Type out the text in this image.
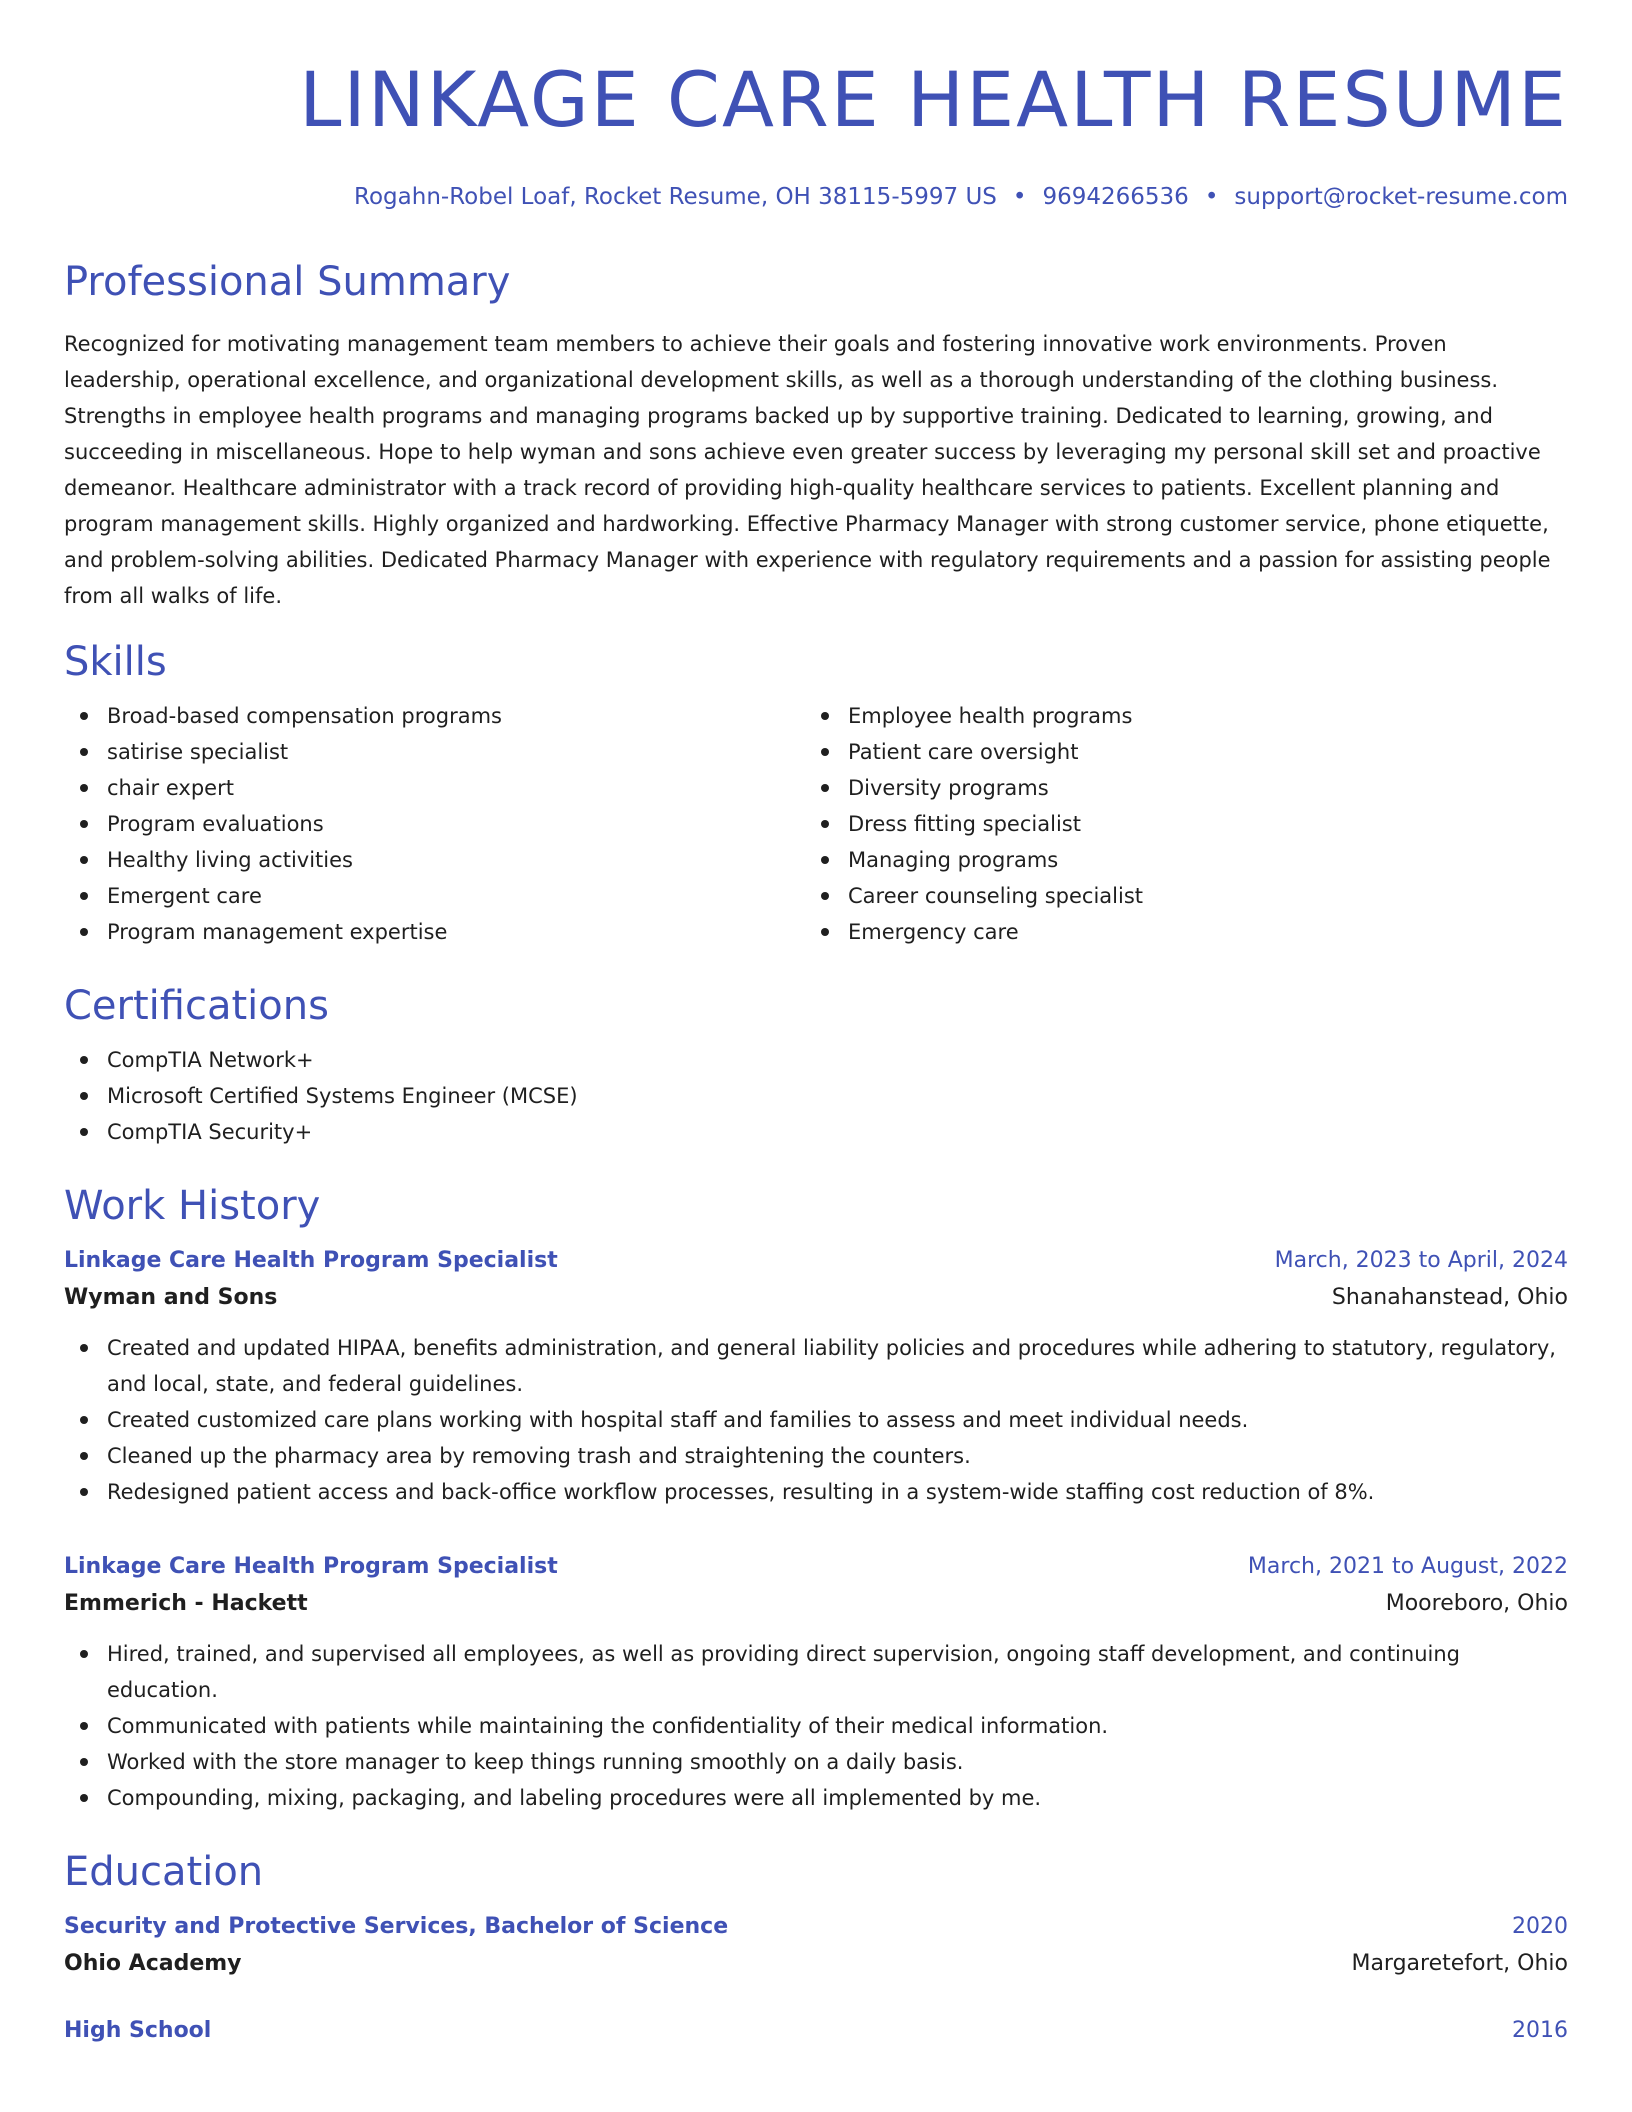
LINKAGE CARE HEALTH RESUME
Rogahn-Robel Loaf, Rocket Resume, OH 38115-5997 US • 9694266536 • support@rocket-resume.com
Professional Summary

Recognized for motivating management team members to achieve their goals and fostering innovative work environments. Proven leadership, operational excellence, and organizational development skills, as well as a thorough understanding of the clothing business. Strengths in employee health programs and managing programs backed up by supportive training. Dedicated to learning, growing, and succeeding in miscellaneous. Hope to help wyman and sons achieve even greater success by leveraging my personal skill set and proactive demeanor. Healthcare administrator with a track record of providing high-quality healthcare services to patients. Excellent planning and program management skills. Highly organized and hardworking. Effective Pharmacy Manager with strong customer service, phone etiquette, and problem-solving abilities. Dedicated Pharmacy Manager with experience with regulatory requirements and a passion for assisting people from all walks of life.

Skills
Broad-based compensation programs
satirise specialist
chair expert
Program evaluations
Healthy living activities
Emergent care
Program management expertise
Employee health programs
Patient care oversight
Diversity programs
Dress fitting specialist
Managing programs
Career counseling specialist
Emergency care
Certifications
CompTIA Network+
Microsoft Certified Systems Engineer (MCSE)
CompTIA Security+
Work History
Linkage Care Health Program Specialist	March, 2023 to April, 2024
Wyman and Sons	Shanahanstead, Ohio
Created and updated HIPAA, benefits administration, and general liability policies and procedures while adhering to statutory, regulatory, and local, state, and federal guidelines.
Created customized care plans working with hospital staff and families to assess and meet individual needs.
Cleaned up the pharmacy area by removing trash and straightening the counters.
Redesigned patient access and back-office workflow processes, resulting in a system-wide staffing cost reduction of 8%.
Linkage Care Health Program Specialist	March, 2021 to August, 2022
Emmerich - Hackett	Mooreboro, Ohio
Hired, trained, and supervised all employees, as well as providing direct supervision, ongoing staff development, and continuing education.
Communicated with patients while maintaining the confidentiality of their medical information.
Worked with the store manager to keep things running smoothly on a daily basis.
Compounding, mixing, packaging, and labeling procedures were all implemented by me.
Education
Security and Protective Services, Bachelor of Science	2020
Ohio Academy	Margaretefort, Ohio
High School	2016
